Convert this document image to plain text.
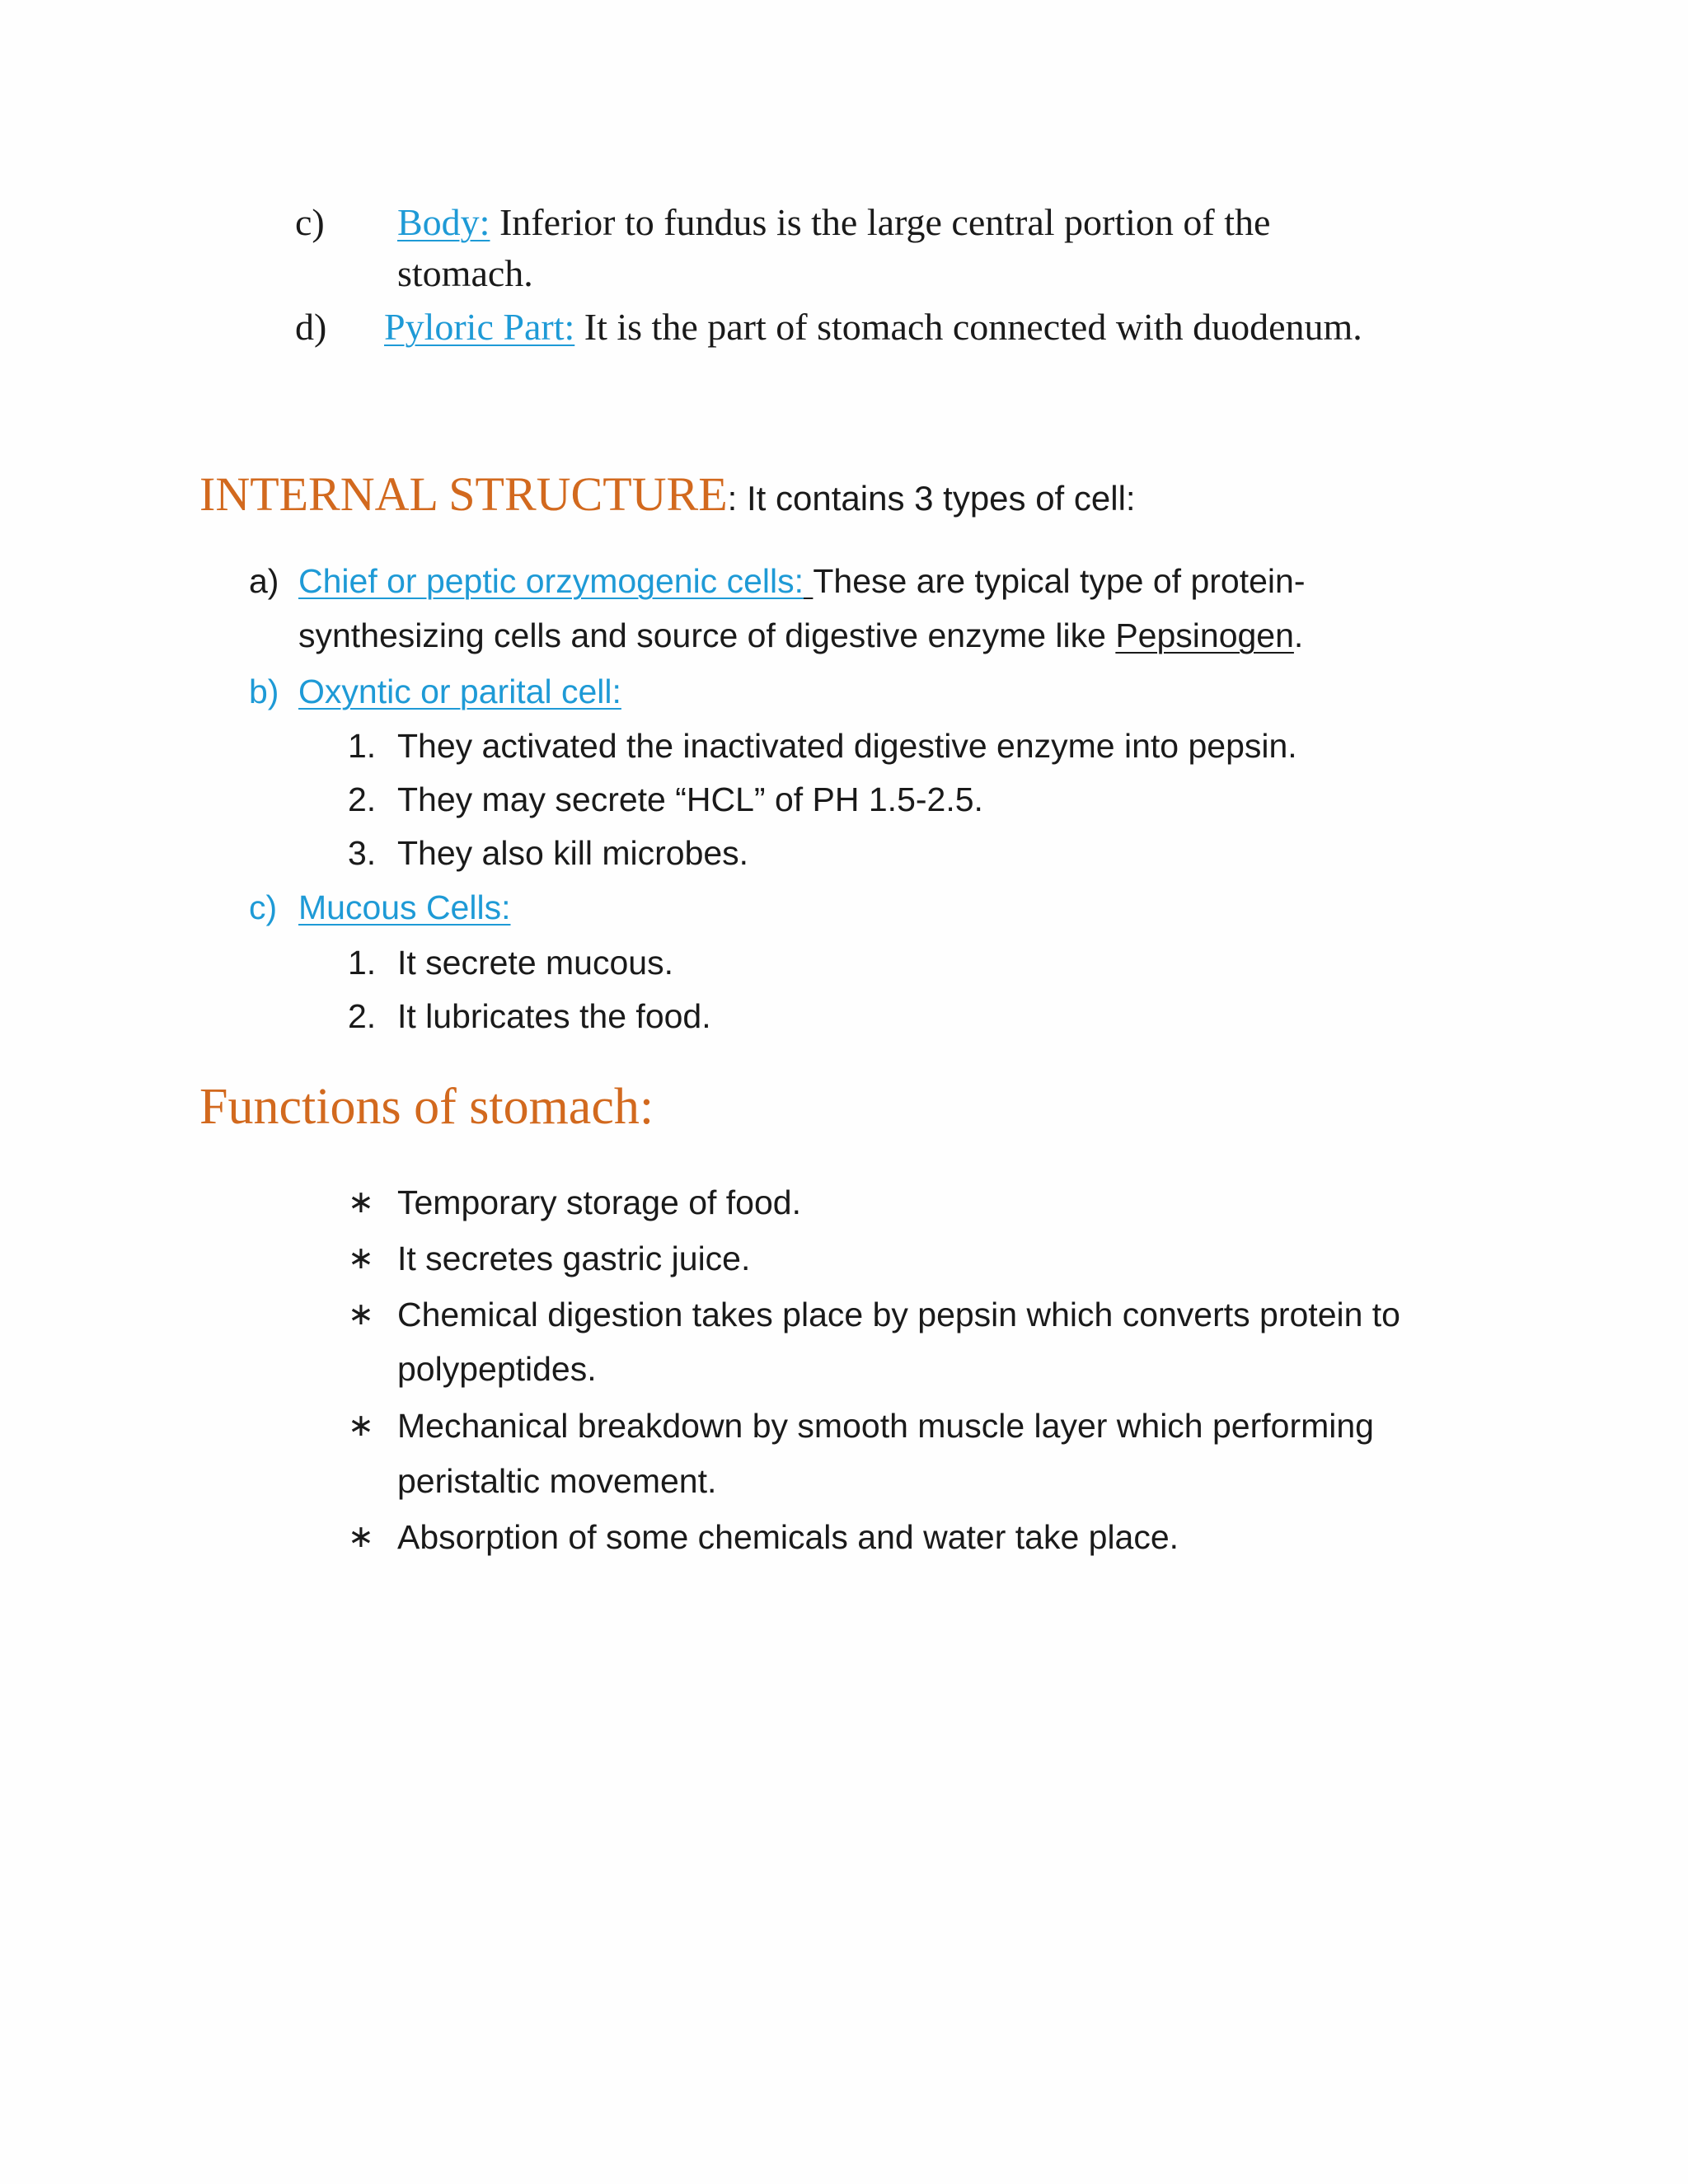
c) Body: Inferior to fundus is the large central portion of the
stomach.
d) Pyloric Part: It is the part of stomach connected with duodenum.
INTERNAL STRUCTURE: It contains 3 types of cell:
a) Chief or peptic orzymogenic cells: These are typical type of protein-
synthesizing cells and source of digestive enzyme like Pepsinogen.
b) Oxyntic or parital cell:
1. They activated the inactivated digestive enzyme into pepsin.
2. They may secrete “HCL” of PH 1.5-2.5.
3. They also kill microbes.
c) Mucous Cells:
1. It secrete mucous.
2. It lubricates the food.
Functions of stomach:
∗ Temporary storage of food.
∗ It secretes gastric juice.
∗ Chemical digestion takes place by pepsin which converts protein to
polypeptides.
∗ Mechanical breakdown by smooth muscle layer which performing
peristaltic movement.
∗ Absorption of some chemicals and water take place.
